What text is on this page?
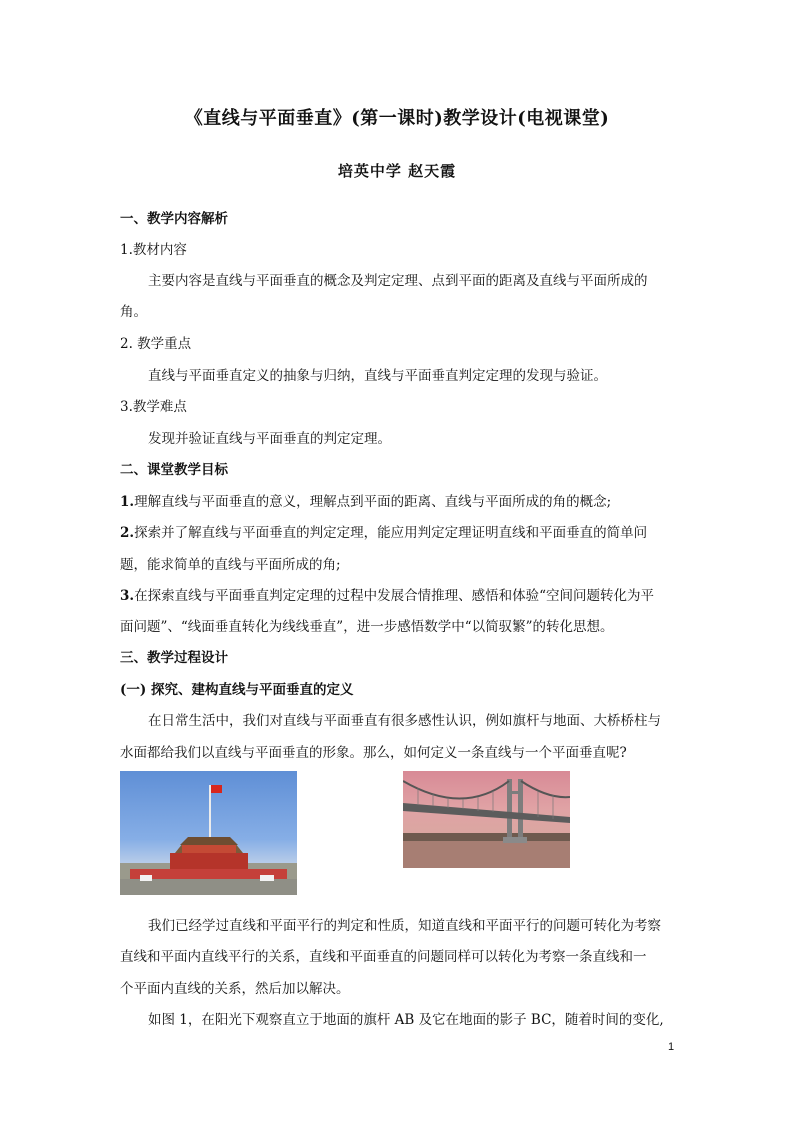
《直线与平面垂直》(第一课时)教学设计(电视课堂)
培英中学 赵天霞
一、教学内容解析
1.教材内容
主要内容是直线与平面垂直的概念及判定定理、点到平面的距离及直线与平面所成的
角。
2. 教学重点
直线与平面垂直定义的抽象与归纳，直线与平面垂直判定定理的发现与验证。
3.教学难点
发现并验证直线与平面垂直的判定定理。
二、课堂教学目标
1.理解直线与平面垂直的意义，理解点到平面的距离、直线与平面所成的角的概念;
2.探索并了解直线与平面垂直的判定定理，能应用判定定理证明直线和平面垂直的简单问
题，能求简单的直线与平面所成的角;
3.在探索直线与平面垂直判定定理的过程中发展合情推理、感悟和体验“空间问题转化为平
面问题”、“线面垂直转化为线线垂直”，进一步感悟数学中“以简驭繁”的转化思想。
三、教学过程设计
(一) 探究、建构直线与平面垂直的定义
在日常生活中，我们对直线与平面垂直有很多感性认识，例如旗杆与地面、大桥桥柱与
水面都给我们以直线与平面垂直的形象。那么，如何定义一条直线与一个平面垂直呢?
我们已经学过直线和平面平行的判定和性质，知道直线和平面平行的问题可转化为考察
直线和平面内直线平行的关系，直线和平面垂直的问题同样可以转化为考察一条直线和一
个平面内直线的关系，然后加以解决。
如图 1，在阳光下观察直立于地面的旗杆 AB 及它在地面的影子 BC，随着时间的变化,
1
